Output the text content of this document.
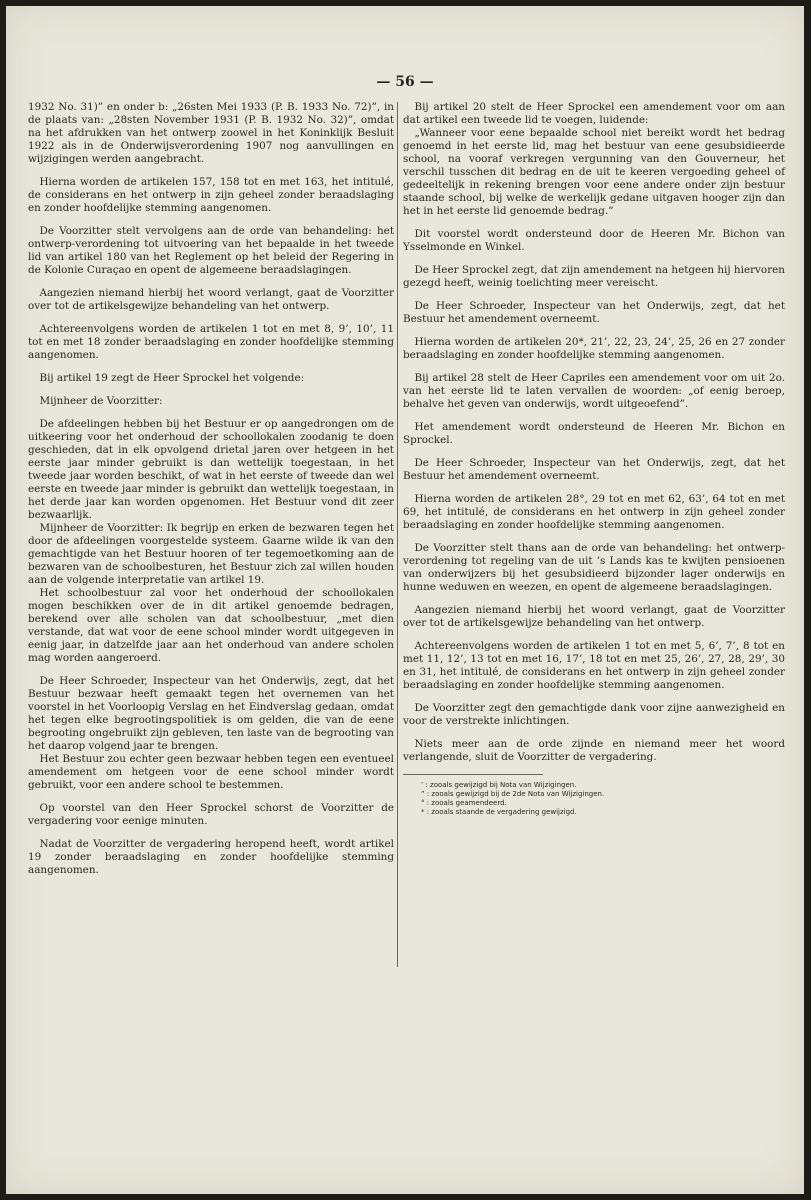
— 56 —

1932 No. 31)” en onder b: „26sten Mei 1933 (P. B. 1933 No. 72)”, in de plaats van: „28sten November 1931 (P. B. 1932 No. 32)”, omdat na het afdrukken van het ontwerp zoowel in het Koninklijk Besluit 1922 als in de Onderwijsverordening 1907 nog aanvullingen en wijzigingen werden aangebracht.

Hierna worden de artikelen 157, 158 tot en met 163, het intitulé, de considerans en het ontwerp in zijn geheel zonder beraadslaging en zonder hoofdelijke stemming aangenomen.

De Voorzitter stelt vervolgens aan de orde van behandeling: het ontwerp-verordening tot uitvoering van het bepaalde in het tweede lid van artikel 180 van het Reglement op het beleid der Regering in de Kolonie Curaçao en opent de algemeene beraadslagingen.

Aangezien niemand hierbij het woord verlangt, gaat de Voorzitter over tot de artikelsgewijze behandeling van het ontwerp.

Achtereenvolgens worden de artikelen 1 tot en met 8, 9’, 10’, 11 tot en met 18 zonder beraadslaging en zonder hoofdelijke stemming aangenomen.

Bij artikel 19 zegt de Heer Sprockel het volgende:

Mijnheer de Voorzitter:

De afdeelingen hebben bij het Bestuur er op aangedrongen om de uitkeering voor het onderhoud der schoollokalen zoodanig te doen geschieden, dat in elk opvolgend drietal jaren over hetgeen in het eerste jaar minder gebruikt is dan wettelijk toegestaan, in het tweede jaar worden beschikt, of wat in het eerste of tweede dan wel eerste en tweede jaar minder is gebruikt dan wettelijk toegestaan, in het derde jaar kan worden opgenomen. Het Bestuur vond dit zeer bezwaarlijk.

Mijnheer de Voorzitter: Ik begrijp en erken de bezwaren tegen het door de afdeelingen voorgestelde systeem. Gaarne wilde ik van den gemachtigde van het Bestuur hooren of ter tegemoetkoming aan de bezwaren van de schoolbesturen, het Bestuur zich zal willen houden aan de volgende interpretatie van artikel 19.

Het schoolbestuur zal voor het onderhoud der schoollokalen mogen beschikken over de in dit artikel genoemde bedragen, berekend over alle scholen van dat schoolbestuur, „met dien verstande, dat wat voor de eene school minder wordt uitgegeven in eenig jaar, in datzelfde jaar aan het onderhoud van andere scholen mag worden aangeroerd.

De Heer Schroeder, Inspecteur van het Onderwijs, zegt, dat het Bestuur bezwaar heeft gemaakt tegen het overnemen van het voorstel in het Voorloopig Verslag en het Eindverslag gedaan, omdat het tegen elke begrootingspolitiek is om gelden, die van de eene begrooting ongebruikt zijn gebleven, ten laste van de begrooting van het daarop volgend jaar te brengen.

Het Bestuur zou echter geen bezwaar hebben tegen een eventueel amendement om hetgeen voor de eene school minder wordt gebruikt, voor een andere school te bestemmen.

Op voorstel van den Heer Sprockel schorst de Voorzitter de vergadering voor eenige minuten.

Nadat de Voorzitter de vergadering heropend heeft, wordt artikel 19 zonder beraadslaging en zonder hoofdelijke stemming aangenomen.

Bij artikel 20 stelt de Heer Sprockel een amendement voor om aan dat artikel een tweede lid te voegen, luidende:

„Wanneer voor eene bepaalde school niet bereikt wordt het bedrag genoemd in het eerste lid, mag het bestuur van eene gesubsidieerde school, na vooraf verkregen vergunning van den Gouverneur, het verschil tusschen dit bedrag en de uit te keeren vergoeding geheel of gedeeltelijk in rekening brengen voor eene andere onder zijn bestuur staande school, bij welke de werkelijk gedane uitgaven hooger zijn dan het in het eerste lid genoemde bedrag.”

Dit voorstel wordt ondersteund door de Heeren Mr. Bichon van Ysselmonde en Winkel.

De Heer Sprockel zegt, dat zijn amendement na hetgeen hij hiervoren gezegd heeft, weinig toelichting meer vereischt.

De Heer Schroeder, Inspecteur van het Onderwijs, zegt, dat het Bestuur het amendement overneemt.

Hierna worden de artikelen 20*, 21’, 22, 23, 24’, 25, 26 en 27 zonder beraadslaging en zonder hoofdelijke stemming aangenomen.

Bij artikel 28 stelt de Heer Capriles een amendement voor om uit 2o. van het eerste lid te laten vervallen de woorden: „of eenig beroep, behalve het geven van onderwijs, wordt uitgeoefend”.

Het amendement wordt ondersteund de Heeren Mr. Bichon en Sprockel.

De Heer Schroeder, Inspecteur van het Onderwijs, zegt, dat het Bestuur het amendement overneemt.

Hierna worden de artikelen 28°, 29 tot en met 62, 63’, 64 tot en met 69, het intitulé, de considerans en het ontwerp in zijn geheel zonder beraadslaging en zonder hoofdelijke stemming aangenomen.

De Voorzitter stelt thans aan de orde van behandeling: het ontwerp-verordening tot regeling van de uit ’s Lands kas te kwijten pensioenen van onderwijzers bij het gesubsidieerd bijzonder lager onderwijs en hunne weduwen en weezen, en opent de algemeene beraadslagingen.

Aangezien niemand hierbij het woord verlangt, gaat de Voorzitter over tot de artikelsgewijze behandeling van het ontwerp.

Achtereenvolgens worden de artikelen 1 tot en met 5, 6’, 7’, 8 tot en met 11, 12’, 13 tot en met 16, 17’, 18 tot en met 25, 26’, 27, 28, 29’, 30 en 31, het intitulé, de considerans en het ontwerp in zijn geheel zonder beraadslaging en zonder hoofdelijke stemming aangenomen.

De Voorzitter zegt den gemachtigde dank voor zijne aanwezigheid en voor de verstrekte inlichtingen.

Niets meer aan de orde zijnde en niemand meer het woord verlangende, sluit de Voorzitter de vergadering.

’ : zooals gewijzigd bij Nota van Wijzigingen.
” : zooals gewijzigd bij de 2de Nota van Wijzigingen.
° : zooals geamendeerd.
* : zooals staande de vergadering gewijzigd.
